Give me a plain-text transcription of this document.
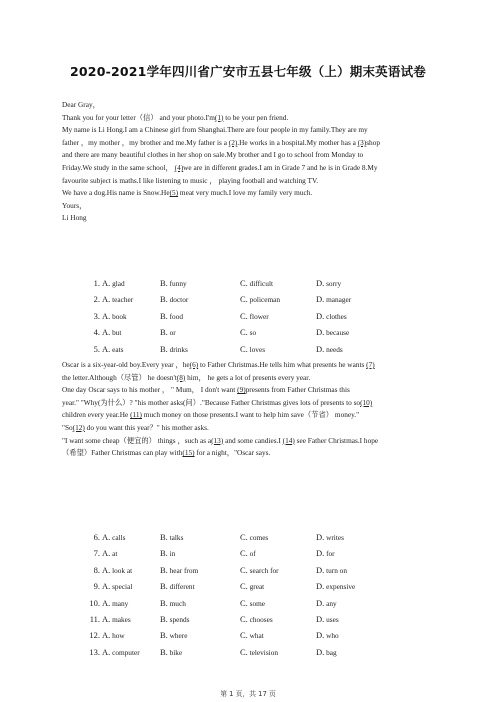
2020-2021学年四川省广安市五县七年级（上）期末英语试卷
Dear Gray，
Thank you for your letter（信） and your photo.I'm(1) to be your pen friend.
My name is Li Hong.I am a Chinese girl from Shanghai.There are four people in my family.They are my
father ，my mother ，my brother and me.My father is a (2).He works in a hospital.My mother has a (3)shop
and there are many beautiful clothes in her shop on sale.My brother and I go to school from Monday to
Friday.We study in the same school， (4)we are in different grades.I am in Grade 7 and he is in Grade 8.My
favourite subject is maths.I like listening to music ， playing football and watching TV.
We have a dog.His name is Snow.He(5) meat very much.I love my family very much.
Yours，
Li Hong
1. A. glad	B. funny	C. difficult	D. sorry
2. A. teacher	B. doctor	C. policeman	D. manager
3. A. book	B. food	C. flower	D. clothes
4. A. but	B. or	C. so	D. because
5. A. eats	B. drinks	C. loves	D. needs
Oscar is a six-year-old boy.Every year ，he(6) to Father Christmas.He tells him what presents he wants (7)
the letter.Although（尽管） he doesn't(8) him， he gets a lot of presents every year.
One day Oscar says to his mother ， " Mum， I don't want (9)presents from Father Christmas this
year." "Why(为什么）? "his mother asks(问）."Because Father Christmas gives lots of presents to so(10)
children every year.He (11) much money on those presents.I want to help him save（节省） money."
"So(12) do you want this year？" his mother asks.
"I want some cheap（便宜的） things ，such as a(13) and some candies.I (14) see Father Christmas.I hope
（希望）Father Christmas can play with(15) for a night，"Oscar says.
6. A. calls	B. talks	C. comes	D. writes
7. A. at	B. in	C. of	D. for
8. A. look at	B. hear from	C. search for	D. turn on
9. A. special	B. different	C. great	D. expensive
10. A. many	B. much	C. some	D. any
11. A. makes	B. spends	C. chooses	D. uses
12. A. how	B. where	C. what	D. who
13. A. computer B. bike	C. television	D. bag
第 1 页，共 17 页
